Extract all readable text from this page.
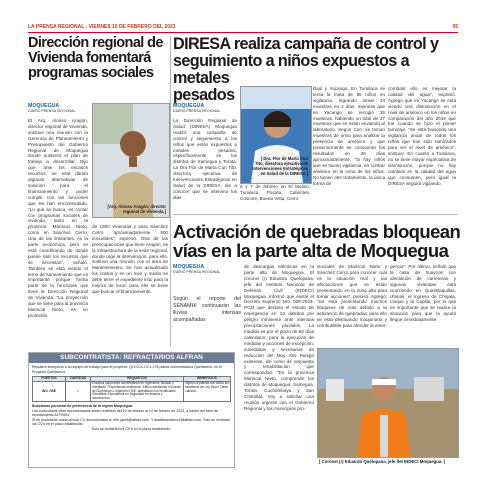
LA PRENSA REGIONAL - VIERNES 10 DE FEBRERO DEL 2023	05
Dirección regional de
Vivienda fomentará
programas sociales
MOQUEGUA
DIARIO PRENSA REGIONAL
[Arq. Alonso Aragón, director
regional de Vivienda.]
El Arq. Alonso Aragón, director regional de Vivienda, sostuvo una reunión con la Gerencia de Planeamiento y Presupuesto del Gobierno Regional de Moquegua donde sustentó el plan de trabajo a desarrollar. Dijo que, ante los escasos recursos, se está dando algunas alternativas de solución para el financiamiento y poder cumplir con las funciones que les han encomendado. "Lo que se busca, es contar con programas sociales de vivienda, tanto en la provincia Mariscal Nieto, como en Sánchez Cerro. Una de las limitantes, es la parte económica, pero se está coordinando de donde puede salir los recursos que se necesitan", señaló. También se está viendo el tema de saneamiento que es importante porque forma parte de la funciones que tiene la Dirección Regional de Vivienda. "La proyección que se tiene para la provincia Mariscal Nieto, es un promedio
de 1500 viviendas y para Sánchez Cerro aproximadamente 500 inmuebles", expresó. Otra de las preocupaciones que tiene Aragón, es la infraestructura de la sede regional, donde urge la intervención, para ello, sostuvo una reunión con el área de Mantenimiento. Se han actualizado los costos y en un mes y medio se debe tener el expediente listo para la mejora de local, para ello se tiene que buscar el financiamiento.
DIRESA realiza campaña de control y
seguimiento a niños expuestos a metales
pesados
MOQUEGUA
DIARIO PRENSA REGIONAL
La Dirección Regional de Salud (DIRESA) Moquegua realizó una campaña de control y seguimiento a los niños que están expuestos a metales pesados, específicamente en los distritos de Samegua y Torata. La Dra Flor de María Cun Tito, directora ejecutiva de Intervenciones Estratégicas en Salud de la DIRESA, dio a conocer que se intervino los dias
[ Dra. Flor de María Cun
Tito, directora ejecutiva de
Intervenciones Estratégicas
en Salud de la DIRESA ]
6 y 7 de febrero en El Molino, Tumilaca, Pocata, Calientes, Coscore, Buena Vista, Cerro
Baúl y Yacango. En Tumilaca se tenía la meta de 85 niños en vigilancia, logrando tomar 34 muestras en 2 días, mientras que en Yacango se recogió 25 muestras, habiendo un total de 37 muestras que se están enviando al laboratorio. Según Cun, se toman muestras de orina para analizar la presencia de arsénico y que posteriormente se conocerán los resultados en 30 días aproximadamente. "Si hay niños que se hacen vigilancia, en contrar arsénico en la orina de los niños. No tienen otro tratamiento, la única forma de
combatir ello es mejorar la calidad del agua", expresó. Agregó que en Yacango se está viendo una disminución en el nivel de arsénico en los niños en comparación del año 2019 que fue cuando se hizo el primer tamizaje. "Se está haciendo una vigilancia anual de todos los niños que han sido tamizados para ver el nivel de arsénico", sostuvo. En cuanto a Tumilaca, no se tiene mayor expectativa de disminución, porque no hay cambios en la calidad del agua que consumen, pero igual la DIRESA seguirá vigilando.
Activación de quebradas bloquean
vías en la parte alta de Moquegua
MOQUEGUA
DIARIO PRENSA REGIONAL
Según el reporte del SENAMHI continuarán las lluvias intensas acompañadas
de descargas eléctricas en la parte alta de Moquegua. El coronel (r) Eduardo Quelopana, jefe del Instituto Nacional de Defensa Civil (INDECI) Moquegua, informó que existe el Decreto Supremo Nro. 008-2023-PCM que declara el estado de emergencia en 10 distritos por peligro inminente ante intensas precipitaciones pluviales. La medida es por el plazo de 60 días calendario, para la ejecución de medidas y acciones de excepción, inmediatas y necesarias de reducción del Muy Alto Riesgo existente, así como de respuesta y rehabilitación que correspondan. "En la provincia Mariscal Nieto, comprende los distritos de Moquegua, Samegua, Torata, Cuchumbaya y San Cristóbal. Voy a solicitar una reunión urgente con el Gobierno Regional y los municipios pro-
vinciales de Mariscal Nieto y Sánchez Cerro para conocer cuál es la situación real y las afectaciones que se están presentando en la zona alta para tomar acciones", precisó. Agregó: "Se está presentando muchos bloqueos de vías debido a la activación de quebradas, para ello se está destinando maquinaria y combustible para atender la emer-
gencia". Por último, señaló que la casa de huaycos con afectación de carreteras y algunas viviendas está ocurriendo en Quinistaquillas, Ubinas, el ingreso de Chojata, Lloque y la Capilla, por lo que es importante que se realice la situación para que la ayuda llegue inmediatamente.
[ Coronel (r) Eduardo Quelopana, jefe del INDECI Moquegua. ]
SUBCONTRATISTA: REFRACTARIOS ALFRAN

Requiere incorporar a su equipo de trabajo para el proyecto: Q1CO-K-CC1-178 planta concentradora Quellaveco, en el Proyecto Quellaveco.

PUESTOS	CANTIDAD	REQUISITOS	BENEFICIOS
ING. HSE	1	Estudios superiores universitarios en Ingeniería, titulado y colegiado. *Experiencia mínima de 3 años ejerciendo el puesto de Supervisor o Ingeniero HSE, acreditado con certificados. *Deseable Experiencia en Seguridad en minería y construcción.	Ingreso a planilla con todos los beneficios de Ley. Buen Clima Laboral.

Buscamos personal de preferencia de la región Moquegua.

Los currículums vitae documentados serán recibidos del 10 de febrero al 14 de febrero de 2023, a través del área de reclutamiento ALFRAN.

Si es postulante nuevo enviar CV documentado a: rrhh.jamili@alfran.com. Y alaalfarandrhxx2@alfran.com. Solo se recibirán los CV's en el plazo establecido.

Solo se recibirán los CV's en el plazo establecido.
